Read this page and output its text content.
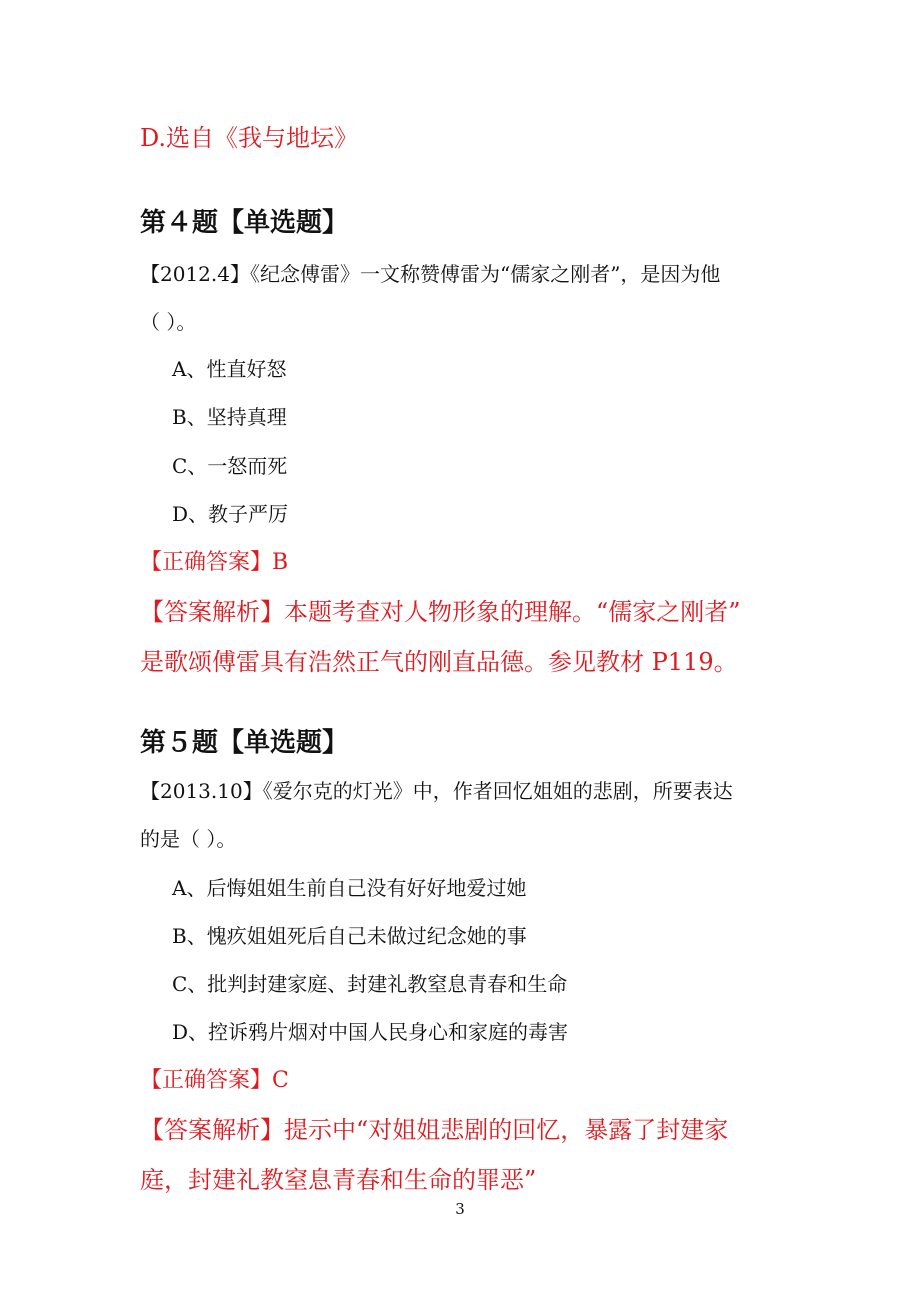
D.选自《我与地坛》
第４题【单选题】
【2012.4】《纪念傅雷》一文称赞傅雷为“儒家之刚者”，是因为他
（ ）。
A、性直好怒
B、坚持真理
C、一怒而死
D、教子严厉
【正确答案】B
【答案解析】本题考查对人物形象的理解。“儒家之刚者”
是歌颂傅雷具有浩然正气的刚直品德。参见教材 P119。
第５题【单选题】
【2013.10】《爱尔克的灯光》中，作者回忆姐姐的悲剧，所要表达
的是（ ）。
A、后悔姐姐生前自己没有好好地爱过她
B、愧疚姐姐死后自己未做过纪念她的事
C、批判封建家庭、封建礼教窒息青春和生命
D、控诉鸦片烟对中国人民身心和家庭的毒害
【正确答案】C
【答案解析】提示中“对姐姐悲剧的回忆，暴露了封建家
庭，封建礼教窒息青春和生命的罪恶”
3
